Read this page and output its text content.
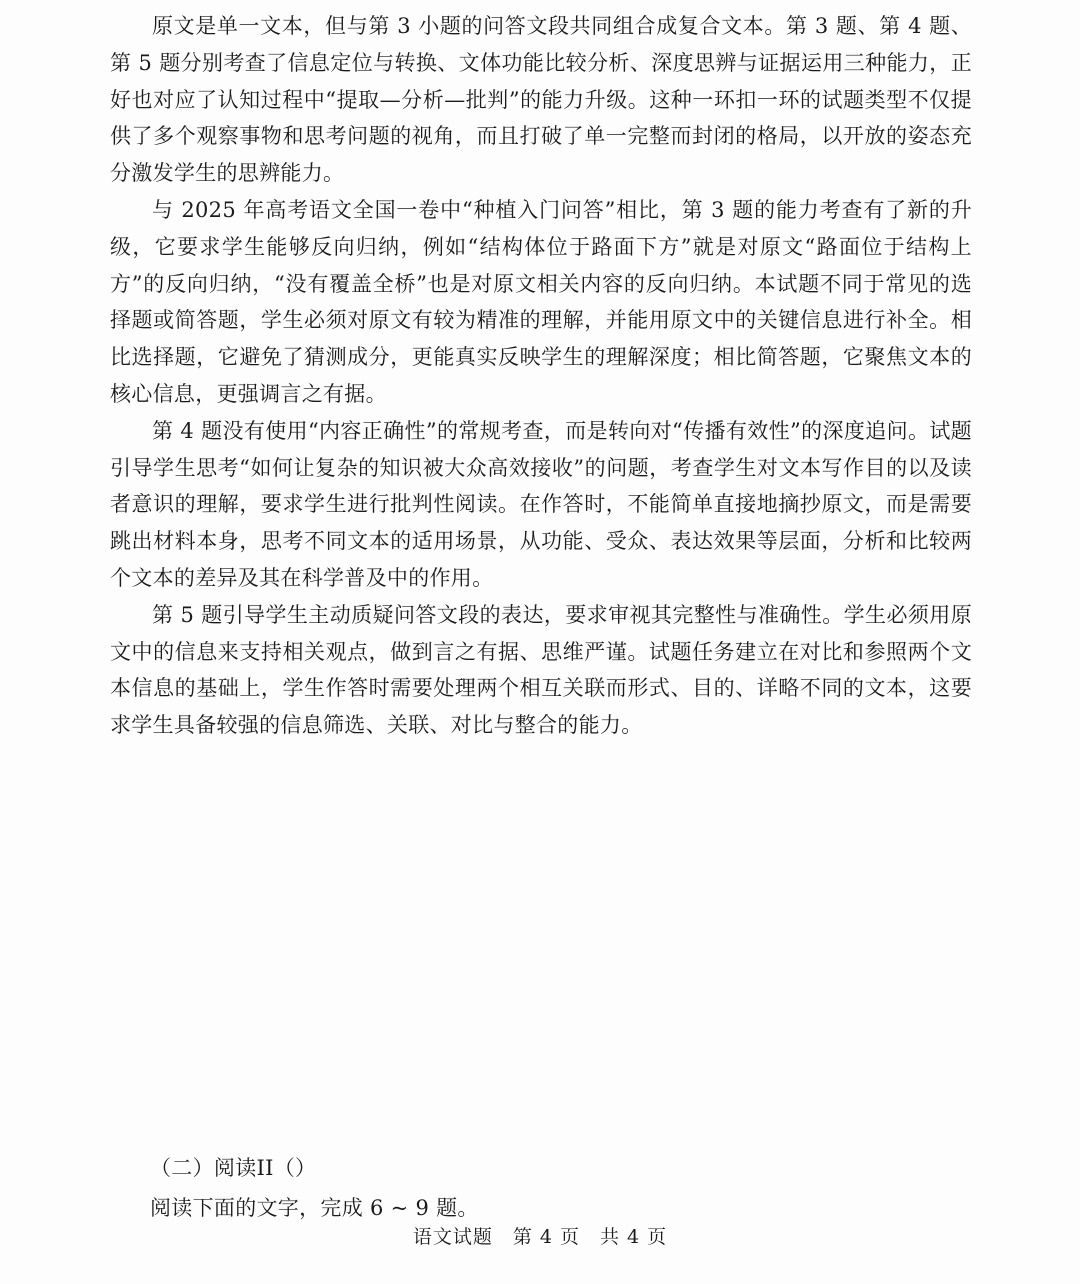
原文是单一文本，但与第 3 小题的问答文段共同组合成复合文本。第 3 题、第 4 题、第 5 题分别考查了信息定位与转换、文体功能比较分析、深度思辨与证据运用三种能力，正好也对应了认知过程中“提取—分析—批判”的能力升级。这种一环扣一环的试题类型不仅提供了多个观察事物和思考问题的视角，而且打破了单一完整而封闭的格局，以开放的姿态充分激发学生的思辨能力。

与 2025 年高考语文全国一卷中“种植入门问答”相比，第 3 题的能力考查有了新的升级，它要求学生能够反向归纳，例如“结构体位于路面下方”就是对原文“路面位于结构上方”的反向归纳，“没有覆盖全桥”也是对原文相关内容的反向归纳。本试题不同于常见的选择题或简答题，学生必须对原文有较为精准的理解，并能用原文中的关键信息进行补全。相比选择题，它避免了猜测成分，更能真实反映学生的理解深度；相比简答题，它聚焦文本的核心信息，更强调言之有据。

第 4 题没有使用“内容正确性”的常规考查，而是转向对“传播有效性”的深度追问。试题引导学生思考“如何让复杂的知识被大众高效接收”的问题，考查学生对文本写作目的以及读者意识的理解，要求学生进行批判性阅读。在作答时，不能简单直接地摘抄原文，而是需要跳出材料本身，思考不同文本的适用场景，从功能、受众、表达效果等层面，分析和比较两个文本的差异及其在科学普及中的作用。

第 5 题引导学生主动质疑问答文段的表达，要求审视其完整性与准确性。学生必须用原文中的信息来支持相关观点，做到言之有据、思维严谨。试题任务建立在对比和参照两个文本信息的基础上，学生作答时需要处理两个相互关联而形式、目的、详略不同的文本，这要求学生具备较强的信息筛选、关联、对比与整合的能力。

（二）阅读II（）

阅读下面的文字，完成 6 ~ 9 题。

语文试题　第 4 页　共 4 页
